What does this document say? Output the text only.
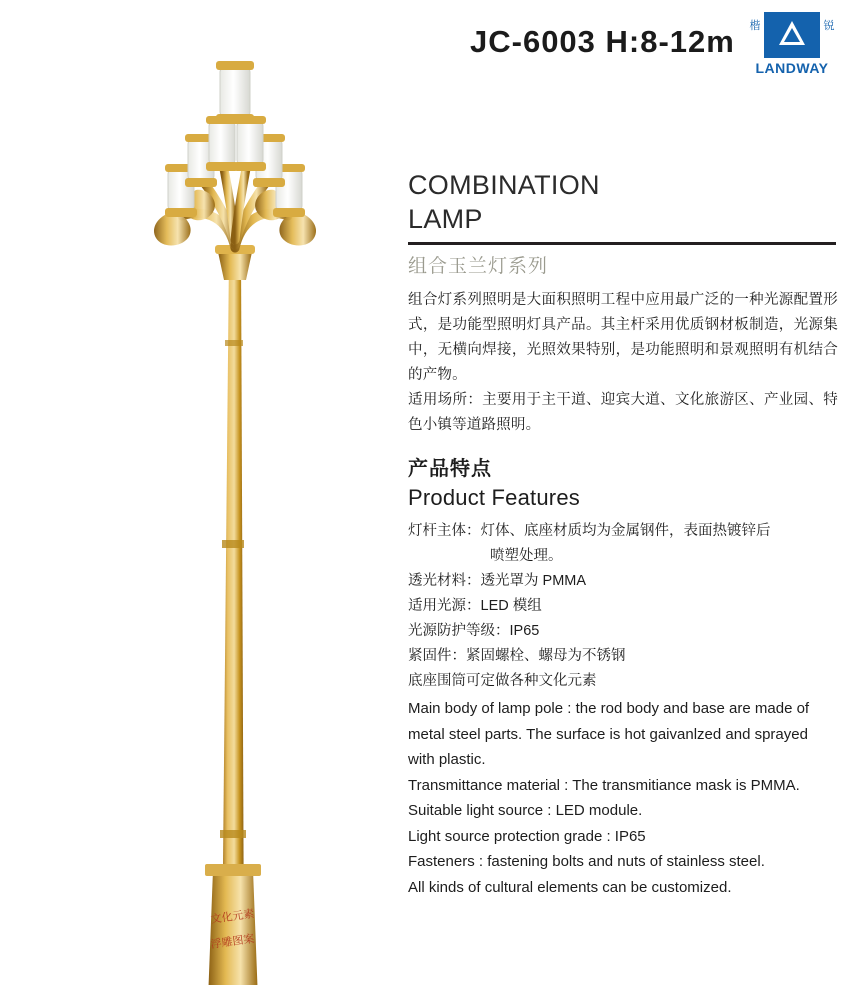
JC-6003 H:8-12m 楷	锐
LANDWAY
文化元素
浮雕图案
COMBINATION
LAMP
组合玉兰灯系列

组合灯系列照明是大面积照明工程中应用最广泛的一种光源配置形式，是功能型照明灯具产品。其主杆采用优质钢材板制造，光源集中，无横向焊接，光照效果特别，是功能照明和景观照明有机结合的产物。

适用场所：主要用于主干道、迎宾大道、文化旅游区、产业园、特色小镇等道路照明。

产品特点
Product Features
灯杆主体：灯体、底座材质均为金属钢件，表面热镀锌后
喷塑处理。
透光材料：透光罩为 PMMA
适用光源：LED 模组
光源防护等级：IP65
紧固件：紧固螺栓、螺母为不锈钢
底座围筒可定做各种文化元素
Main body of lamp pole : the rod body and base are made of metal steel parts. The surface is hot gaivanlzed and sprayed with plastic.
Transmittance material : The transmitiance mask is PMMA.
Suitable light source : LED module.
Light source protection grade : IP65
Fasteners : fastening bolts and nuts of stainless steel.
All kinds of cultural elements can be customized.
